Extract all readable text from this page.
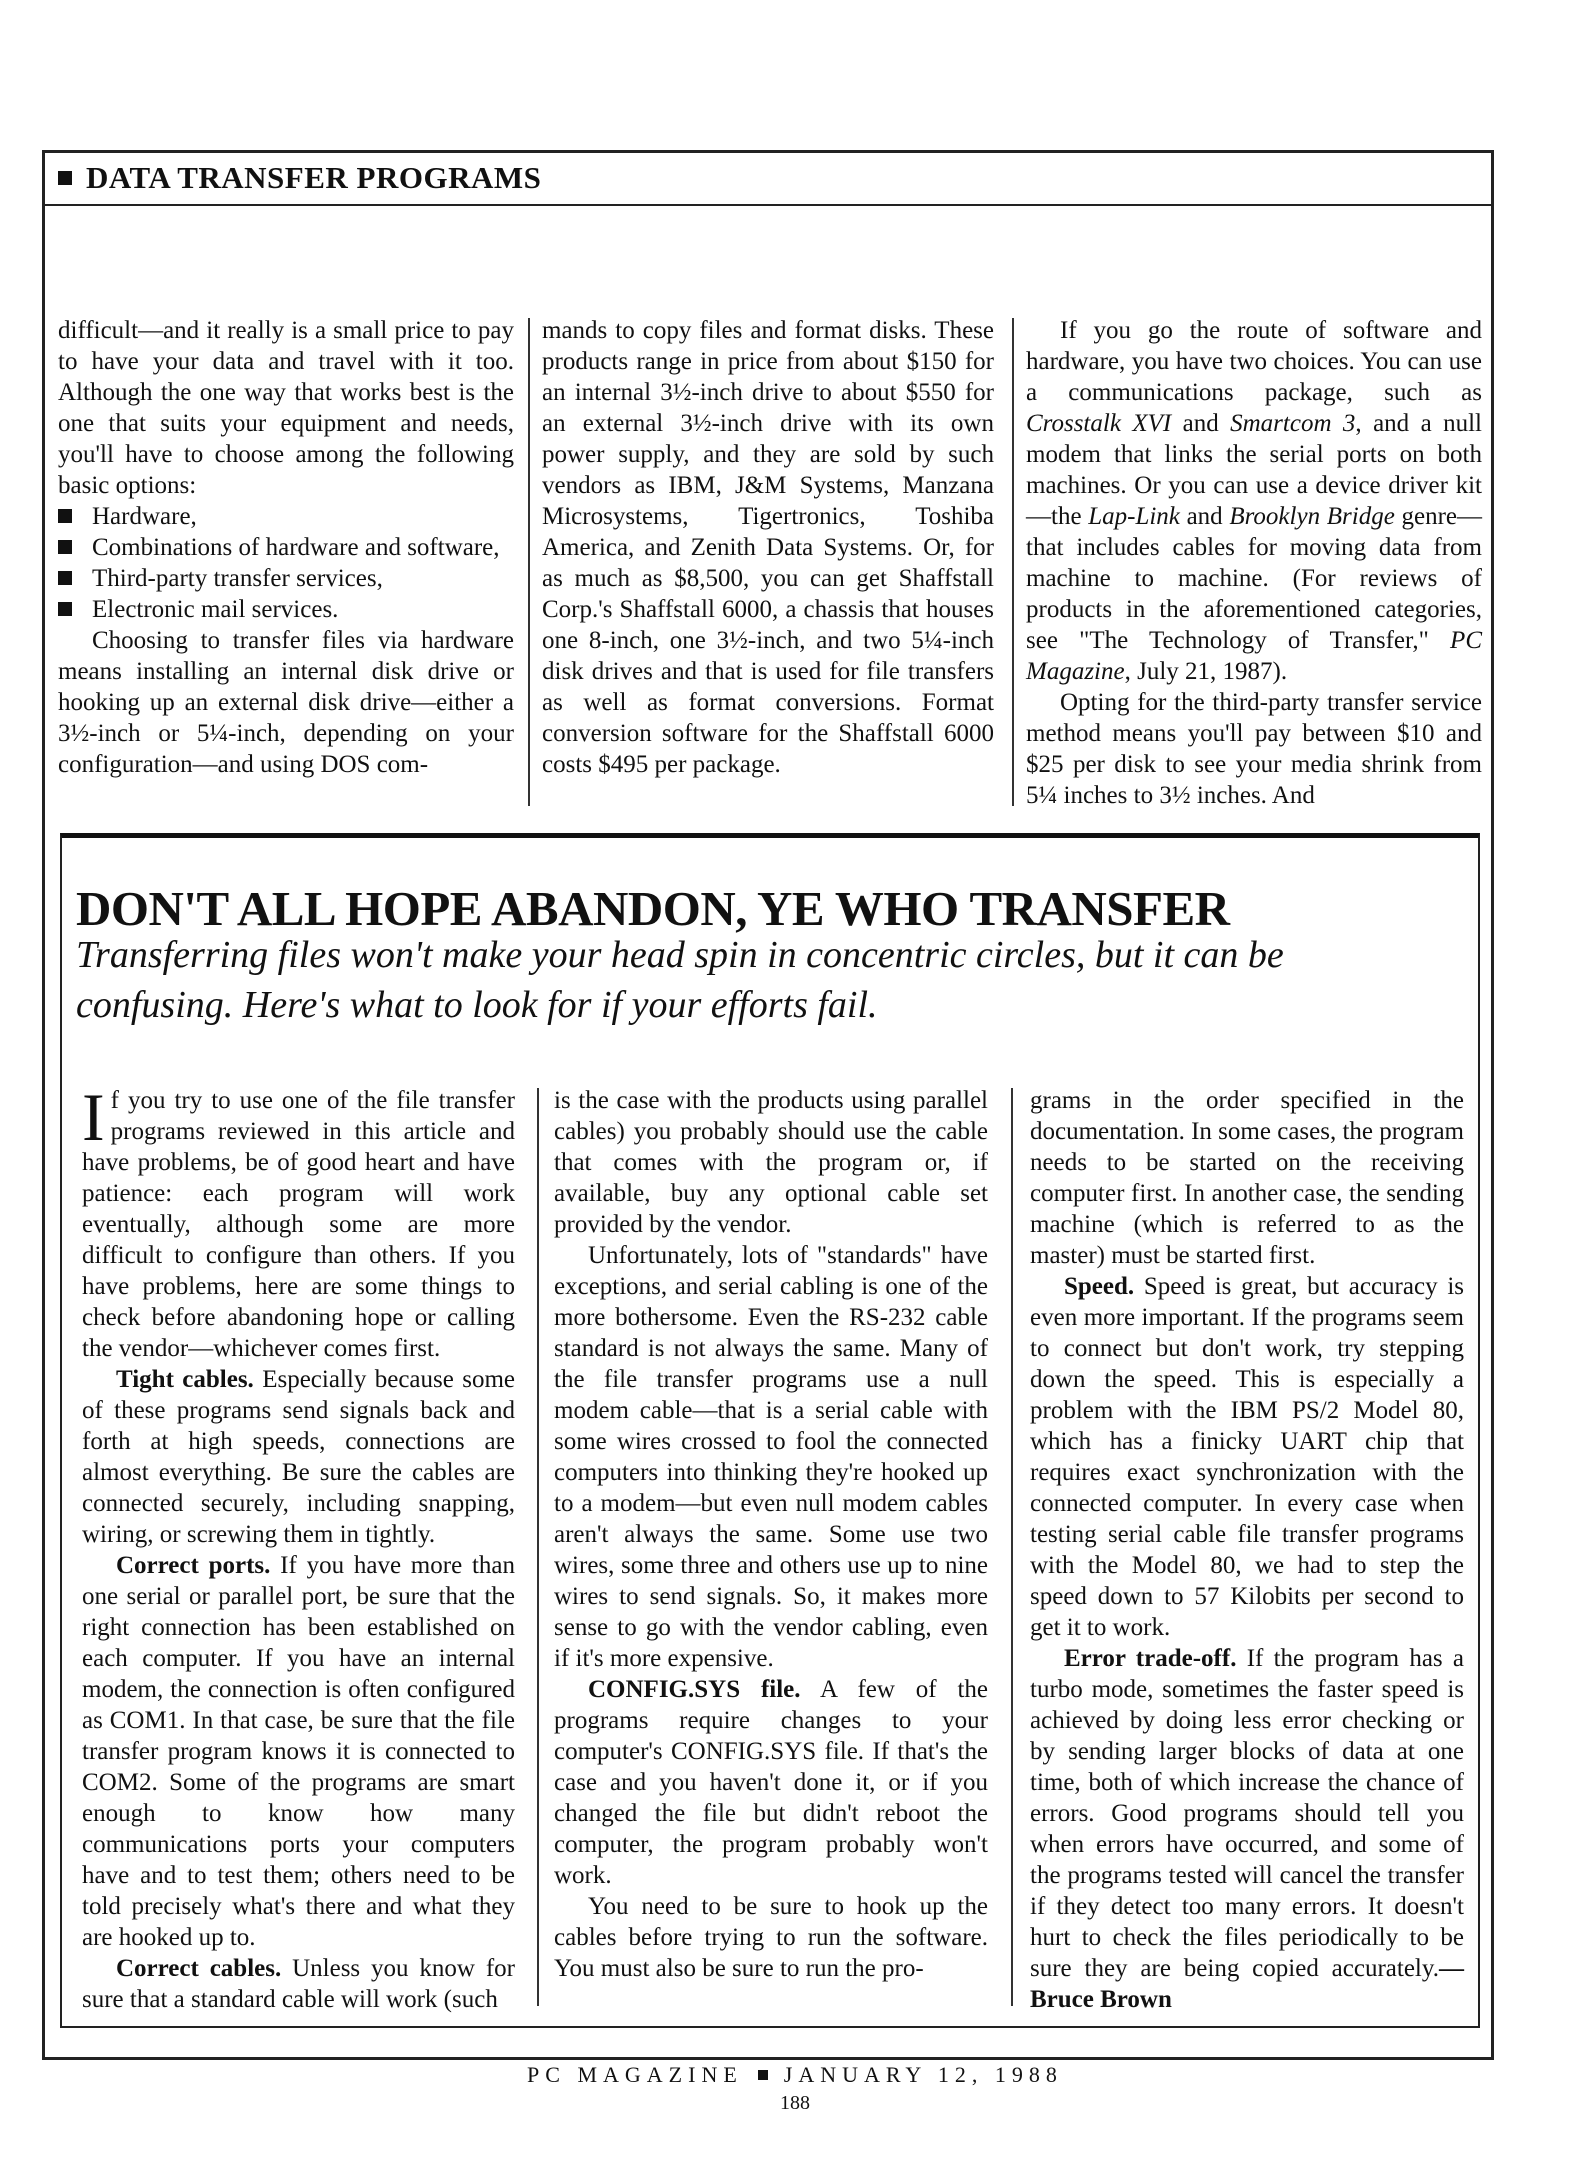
DATA TRANSFER PROGRAMS

difficult—and it really is a small price to pay to have your data and travel with it too. Although the one way that works best is the one that suits your equipment and needs, you'll have to choose among the following basic options:

Hardware,
Combinations of hardware and software,
Third-party transfer services,
Electronic mail services.

Choosing to transfer files via hardware means installing an internal disk drive or hooking up an external disk drive—either a 3½-inch or 5¼-inch, depending on your configuration—and using DOS com-

mands to copy files and format disks. These products range in price from about $150 for an internal 3½-inch drive to about $550 for an external 3½-inch drive with its own power supply, and they are sold by such vendors as IBM, J&M Systems, Manzana Microsystems, Tigertronics, Toshiba America, and Zenith Data Systems. Or, for as much as $8,500, you can get Shaffstall Corp.'s Shaffstall 6000, a chassis that houses one 8-inch, one 3½-inch, and two 5¼-inch disk drives and that is used for file transfers as well as format conversions. Format conversion software for the Shaffstall 6000 costs $495 per package.

If you go the route of software and hardware, you have two choices. You can use a communications package, such as Crosstalk XVI and Smartcom 3, and a null modem that links the serial ports on both machines. Or you can use a device driver kit—the Lap-Link and Brooklyn Bridge genre—that includes cables for moving data from machine to machine. (For reviews of products in the aforementioned categories, see "The Technology of Transfer," PC Magazine, July 21, 1987).

Opting for the third-party transfer service method means you'll pay between $10 and $25 per disk to see your media shrink from 5¼ inches to 3½ inches. And

DON'T ALL HOPE ABANDON, YE WHO TRANSFER
Transferring files won't make your head spin in concentric circles, but it can be confusing. Here's what to look for if your efforts fail.

If you try to use one of the file transfer programs reviewed in this article and have problems, be of good heart and have patience: each program will work eventually, although some are more difficult to configure than others. If you have problems, here are some things to check before abandoning hope or calling the vendor—whichever comes first.

Tight cables. Especially because some of these programs send signals back and forth at high speeds, connections are almost everything. Be sure the cables are connected securely, including snapping, wiring, or screwing them in tightly.

Correct ports. If you have more than one serial or parallel port, be sure that the right connection has been established on each computer. If you have an internal modem, the connection is often configured as COM1. In that case, be sure that the file transfer program knows it is connected to COM2. Some of the programs are smart enough to know how many communications ports your computers have and to test them; others need to be told precisely what's there and what they are hooked up to.

Correct cables. Unless you know for sure that a standard cable will work (such

is the case with the products using parallel cables) you probably should use the cable that comes with the program or, if available, buy any optional cable set provided by the vendor.

Unfortunately, lots of "standards" have exceptions, and serial cabling is one of the more bothersome. Even the RS-232 cable standard is not always the same. Many of the file transfer programs use a null modem cable—that is a serial cable with some wires crossed to fool the connected computers into thinking they're hooked up to a modem—but even null modem cables aren't always the same. Some use two wires, some three and others use up to nine wires to send signals. So, it makes more sense to go with the vendor cabling, even if it's more expensive.

CONFIG.SYS file. A few of the programs require changes to your computer's CONFIG.SYS file. If that's the case and you haven't done it, or if you changed the file but didn't reboot the computer, the program probably won't work.

You need to be sure to hook up the cables before trying to run the software. You must also be sure to run the pro-

grams in the order specified in the documentation. In some cases, the program needs to be started on the receiving computer first. In another case, the sending machine (which is referred to as the master) must be started first.

Speed. Speed is great, but accuracy is even more important. If the programs seem to connect but don't work, try stepping down the speed. This is especially a problem with the IBM PS/2 Model 80, which has a finicky UART chip that requires exact synchronization with the connected computer. In every case when testing serial cable file transfer programs with the Model 80, we had to step the speed down to 57 Kilobits per second to get it to work.

Error trade-off. If the program has a turbo mode, sometimes the faster speed is achieved by doing less error checking or by sending larger blocks of data at one time, both of which increase the chance of errors. Good programs should tell you when errors have occurred, and some of the programs tested will cancel the transfer if they detect too many errors. It doesn't hurt to check the files periodically to be sure they are being copied accurately.—Bruce Brown

PC MAGAZINE JANUARY 12, 1988
188
